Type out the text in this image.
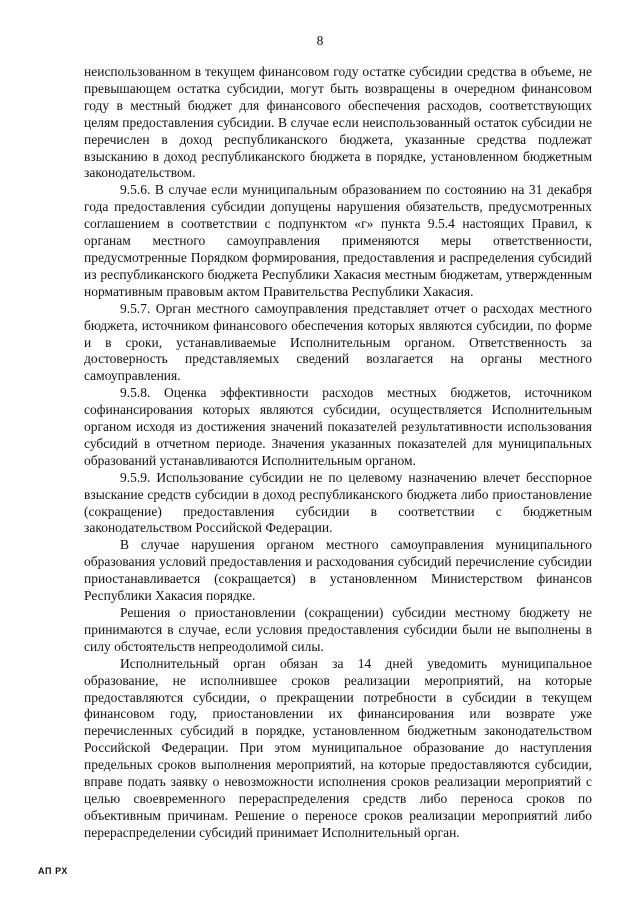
8

неиспользованном в текущем финансовом году остатке субсидии средства в объеме, не превышающем остатка субсидии, могут быть возвращены в очередном финансовом году в местный бюджет для финансового обеспечения расходов, соответствующих целям предоставления субсидии. В случае если неиспользованный остаток субсидии не перечислен в доход республиканского бюджета, указанные средства подлежат взысканию в доход республиканского бюджета в порядке, установленном бюджетным законодательством.

9.5.6. В случае если муниципальным образованием по состоянию на 31 декабря года предоставления субсидии допущены нарушения обязательств, предусмотренных соглашением в соответствии с подпунктом «г» пункта 9.5.4 настоящих Правил, к органам местного самоуправления применяются меры ответственности, предусмотренные Порядком формирования, предоставления и распределения субсидий из республиканского бюджета Республики Хакасия местным бюджетам, утвержденным нормативным правовым актом Правительства Республики Хакасия.

9.5.7. Орган местного самоуправления представляет отчет о расходах местного бюджета, источником финансового обеспечения которых являются субсидии, по форме и в сроки, устанавливаемые Исполнительным органом. Ответственность за достоверность представляемых сведений возлагается на органы местного самоуправления.

9.5.8. Оценка эффективности расходов местных бюджетов, источником софинансирования которых являются субсидии, осуществляется Исполнительным органом исходя из достижения значений показателей результативности использования субсидий в отчетном периоде. Значения указанных показателей для муниципальных образований устанавливаются Исполнительным органом.

9.5.9. Использование субсидии не по целевому назначению влечет бесспорное взыскание средств субсидии в доход республиканского бюджета либо приостановление (сокращение) предоставления субсидии в соответствии с бюджетным законодательством Российской Федерации.

В случае нарушения органом местного самоуправления муниципального образования условий предоставления и расходования субсидий перечисление субсидии приостанавливается (сокращается) в установленном Министерством финансов Республики Хакасия порядке.

Решения о приостановлении (сокращении) субсидии местному бюджету не принимаются в случае, если условия предоставления субсидии были не выполнены в силу обстоятельств непреодолимой силы.

Исполнительный орган обязан за 14 дней уведомить муниципальное образование, не исполнившее сроков реализации мероприятий, на которые предоставляются субсидии, о прекращении потребности в субсидии в текущем финансовом году, приостановлении их финансирования или возврате уже перечисленных субсидий в порядке, установленном бюджетным законодательством Российской Федерации. При этом муниципальное образование до наступления предельных сроков выполнения мероприятий, на которые предоставляются субсидии, вправе подать заявку о невозможности исполнения сроков реализации мероприятий с целью своевременного перераспределения средств либо переноса сроков по объективным причинам. Решение о переносе сроков реализации мероприятий либо перераспределении субсидий принимает Исполнительный орган.

АП РХ
